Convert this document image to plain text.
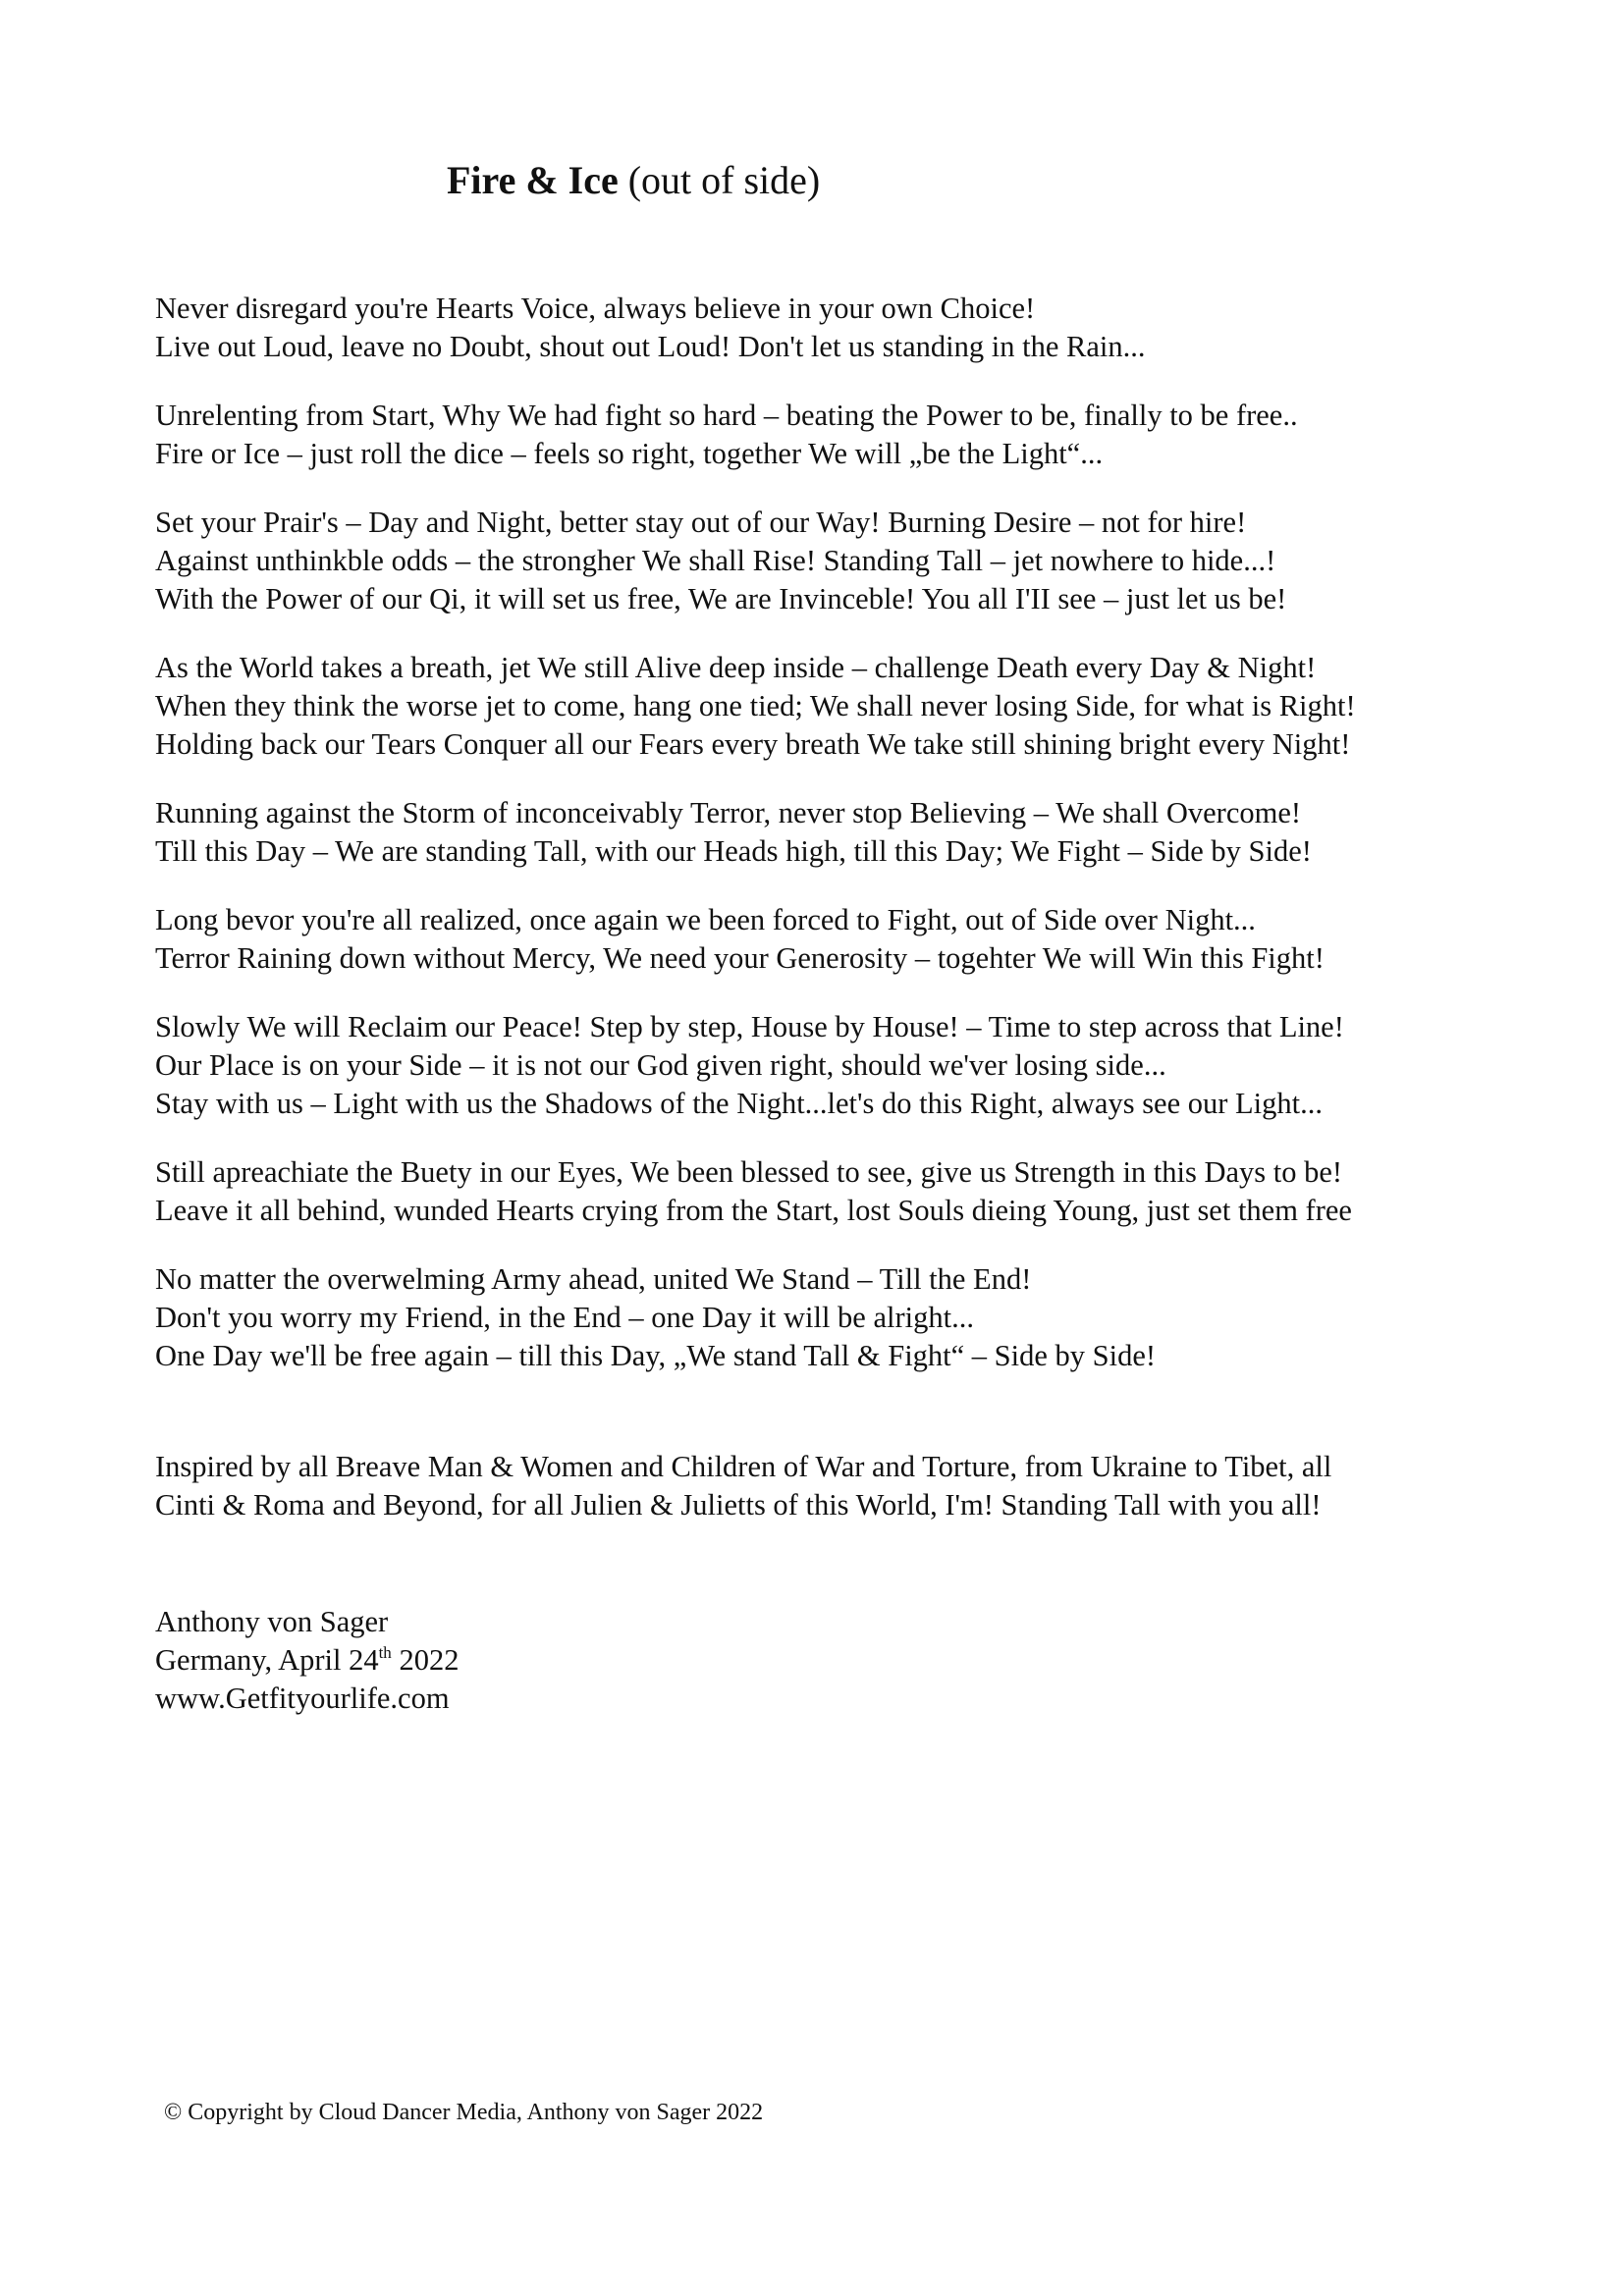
Fire & Ice (out of side)
Never disregard you're Hearts Voice, always believe in your own Choice!
Live out Loud, leave no Doubt, shout out Loud! Don't let us standing in the Rain...
Unrelenting from Start, Why We had fight so hard – beating the Power to be, finally to be free..
Fire or Ice – just roll the dice – feels so right, together We will „be the Light“...
Set your Prair's – Day and Night, better stay out of our Way! Burning Desire – not for hire!
Against unthinkble odds – the strongher We shall Rise! Standing Tall – jet nowhere to hide...!
With the Power of our Qi, it will set us free, We are Invinceble! You all I'II see – just let us be!
As the World takes a breath, jet We still Alive deep inside – challenge Death every Day & Night!
When they think the worse jet to come, hang one tied; We shall never losing Side, for what is Right!
Holding back our Tears Conquer all our Fears every breath We take still shining bright every Night!
Running against the Storm of inconceivably Terror, never stop Believing – We shall Overcome!
Till this Day – We are standing Tall, with our Heads high, till this Day; We Fight – Side by Side!
Long bevor you're all realized, once again we been forced to Fight, out of Side over Night...
Terror Raining down without Mercy, We need your Generosity – togehter We will Win this Fight!
Slowly We will Reclaim our Peace! Step by step, House by House! – Time to step across that Line!
Our Place is on your Side – it is not our God given right, should we'ver losing side...
Stay with us – Light with us the Shadows of the Night...let's do this Right, always see our Light...
Still apreachiate the Buety in our Eyes, We been blessed to see, give us Strength in this Days to be!
Leave it all behind, wunded Hearts crying from the Start, lost Souls dieing Young, just set them free
No matter the overwelming Army ahead, united We Stand – Till the End!
Don't you worry my Friend, in the End – one Day it will be alright...
One Day we'll be free again – till this Day, „We stand Tall & Fight“ – Side by Side!
Inspired by all Breave Man & Women and Children of War and Torture, from Ukraine to Tibet, all
Cinti & Roma and Beyond, for all Julien & Julietts of this World, I'm! Standing Tall with you all!
Anthony von Sager
Germany, April 24th 2022
www.Getfityourlife.com
© Copyright by Cloud Dancer Media, Anthony von Sager 2022
